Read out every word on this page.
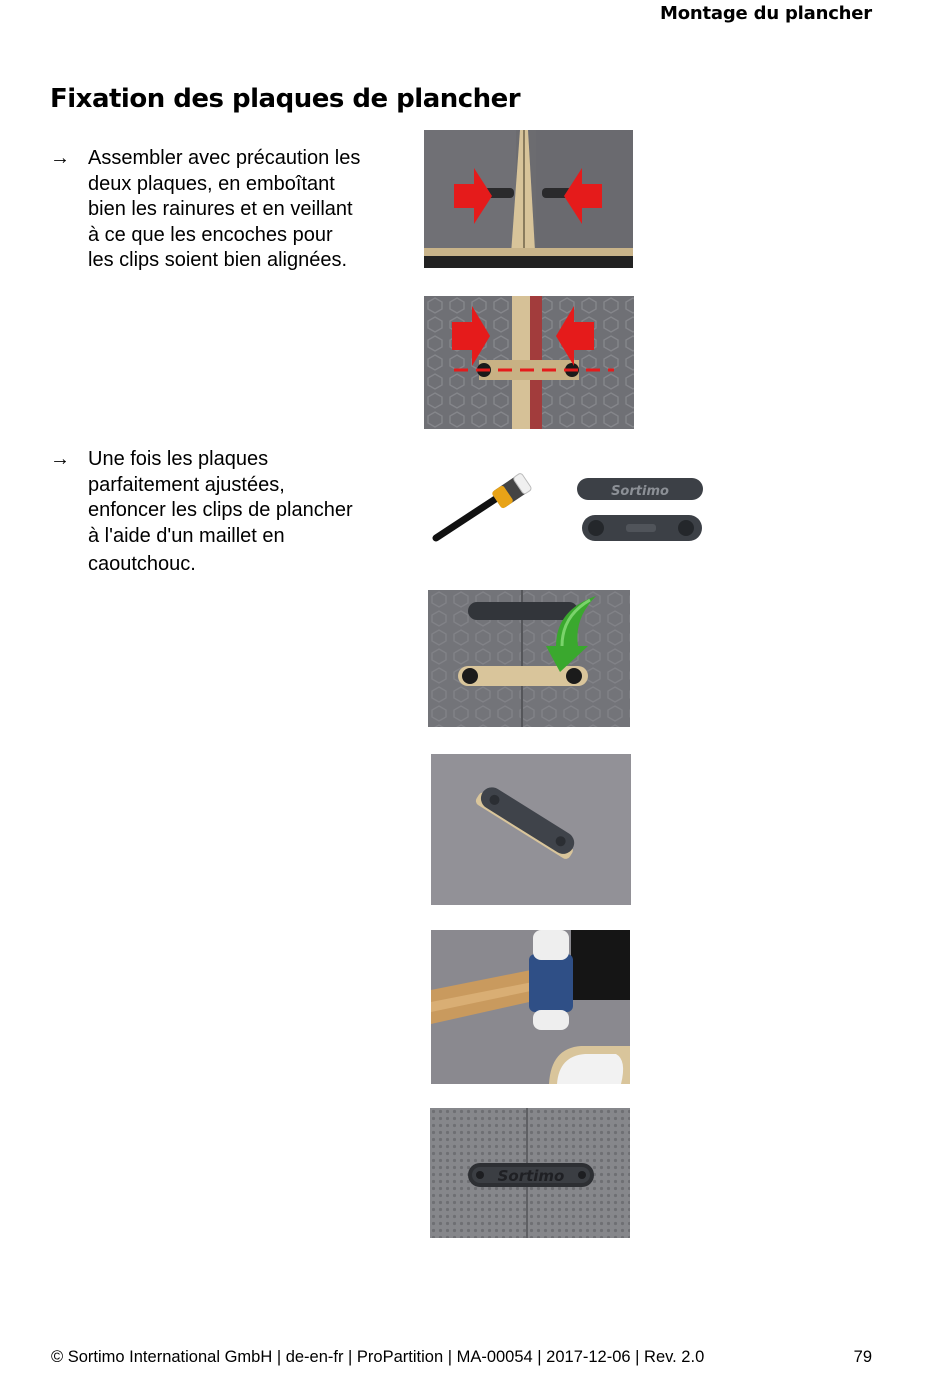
Montage du plancher
Fixation des plaques de plancher
→ Assembler avec précaution les
deux plaques, en emboîtant
bien les rainures et en veillant
à ce que les encoches pour
les clips soient bien alignées.
→ Une fois les plaques
parfaitement ajustées,
enfoncer les clips de plancher
à l'aide d'un maillet en
caoutchouc.
Sortimo
Sortimo
© Sortimo International GmbH | de-en-fr | ProPartition | MA-00054 | 2017-12-06 | Rev. 2.0	79
